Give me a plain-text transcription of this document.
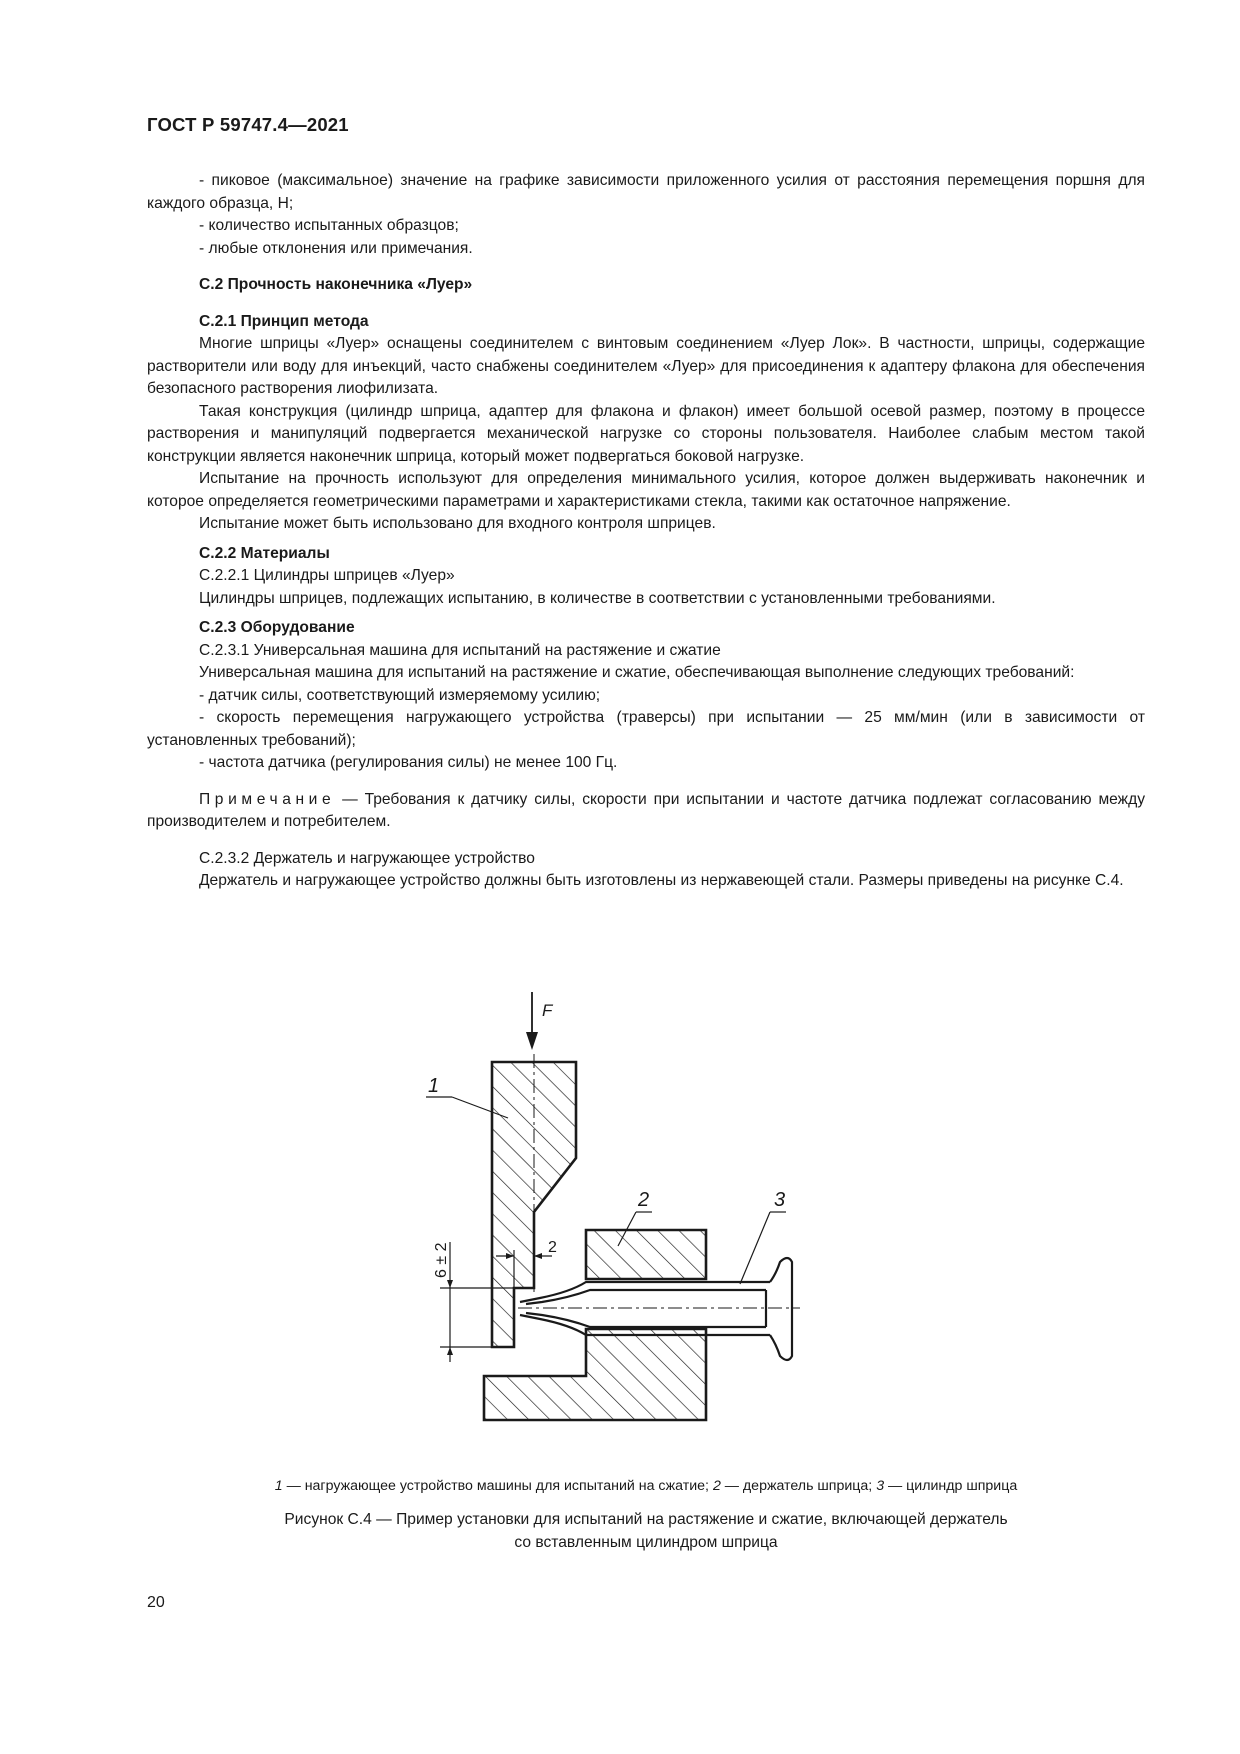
ГОСТ Р 59747.4—2021

- пиковое (максимальное) значение на графике зависимости приложенного усилия от расстояния перемещения поршня для каждого образца, Н;

- количество испытанных образцов;

- любые отклонения или примечания.

С.2 Прочность наконечника «Луер»

С.2.1 Принцип метода

Многие шприцы «Луер» оснащены соединителем с винтовым соединением «Луер Лок». В частности, шприцы, содержащие растворители или воду для инъекций, часто снабжены соединителем «Луер» для присоединения к адаптеру флакона для обеспечения безопасного растворения лиофилизата.

Такая конструкция (цилиндр шприца, адаптер для флакона и флакон) имеет большой осевой размер, поэтому в процессе растворения и манипуляций подвергается механической нагрузке со стороны пользователя. Наиболее слабым местом такой конструкции является наконечник шприца, который может подвергаться боковой нагрузке.

Испытание на прочность используют для определения минимального усилия, которое должен выдерживать наконечник и которое определяется геометрическими параметрами и характеристиками стекла, такими как остаточное напряжение.

Испытание может быть использовано для входного контроля шприцев.

С.2.2 Материалы

С.2.2.1 Цилиндры шприцев «Луер»

Цилиндры шприцев, подлежащих испытанию, в количестве в соответствии с установленными требованиями.

С.2.3 Оборудование

С.2.3.1 Универсальная машина для испытаний на растяжение и сжатие

Универсальная машина для испытаний на растяжение и сжатие, обеспечивающая выполнение следующих требований:

- датчик силы, соответствующий измеряемому усилию;

- скорость перемещения нагружающего устройства (траверсы) при испытании — 25 мм/мин (или в зависимости от установленных требований);

- частота датчика (регулирования силы) не менее 100 Гц.

Примечание — Требования к датчику силы, скорости при испытании и частоте датчика подлежат согласованию между производителем и потребителем.

С.2.3.2 Держатель и нагружающее устройство

Держатель и нагружающее устройство должны быть изготовлены из нержавеющей стали. Размеры приведены на рисунке С.4.

F
1
2	3
2
6 ± 2
1 — нагружающее устройство машины для испытаний на сжатие; 2 — держатель шприца; 3 — цилиндр шприца
Рисунок С.4 — Пример установки для испытаний на растяжение и сжатие, включающей держатель
со вставленным цилиндром шприца
20
